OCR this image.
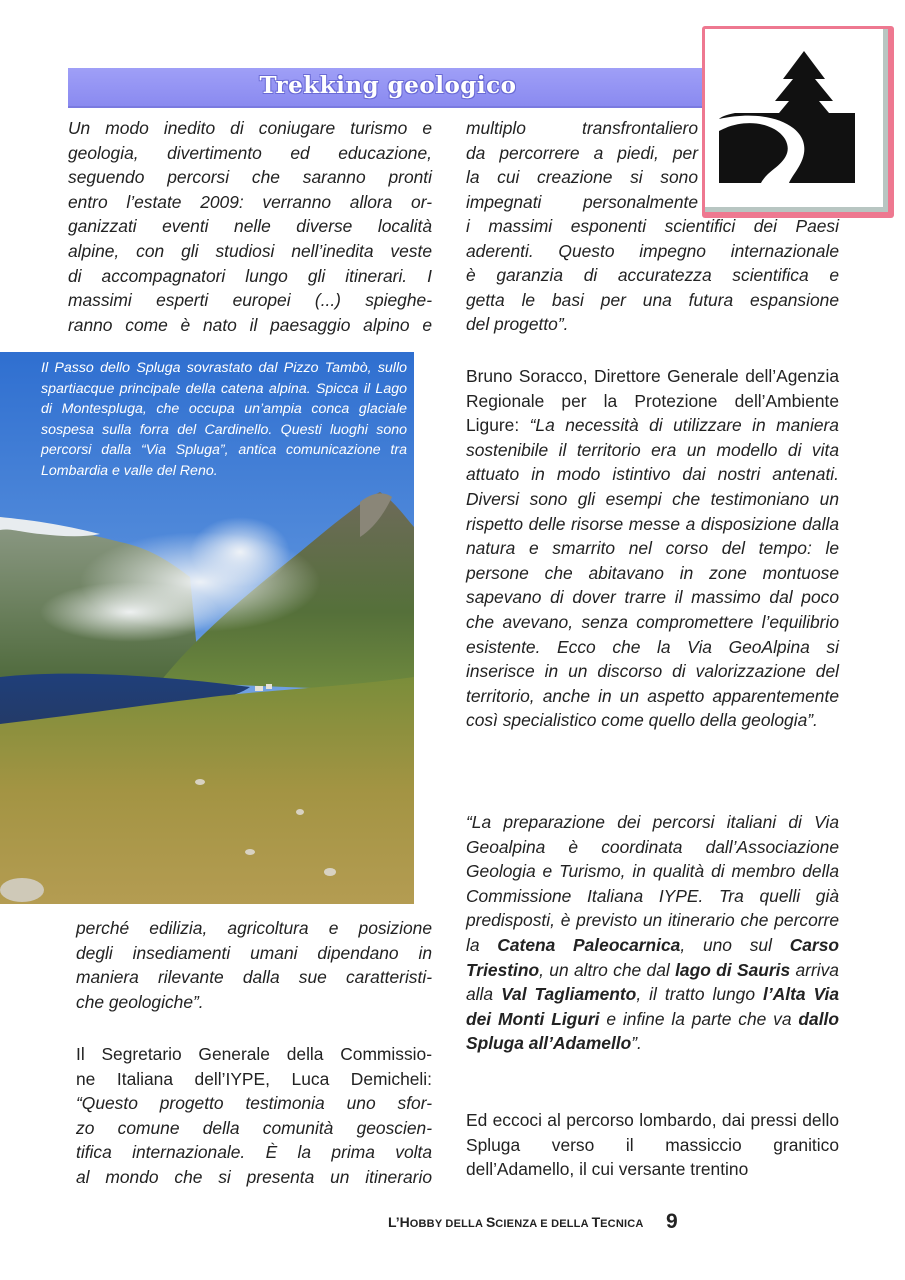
Trekking geologico
Un modo inedito di coniugare turismo e
geologia, divertimento ed educazione,
seguendo percorsi che saranno pronti
entro l’estate 2009: verranno allora or-
ganizzati eventi nelle diverse località
alpine, con gli studiosi nell’inedita veste
di accompagnatori lungo gli itinerari. I
massimi esperti europei (...) spieghe-
ranno come è nato il paesaggio alpino e

Il Passo dello Spluga sovrastato dal Pizzo Tambò, sullo spartiacque principale della catena alpina. Spicca il Lago di Montespluga, che occupa un’ampia conca glaciale sospesa sulla forra del Cardinello. Questi luoghi sono percorsi dalla “Via Spluga”, antica comunicazione tra Lombardia e valle del Reno.

perché edilizia, agricoltura e posizione
degli insediamenti umani dipendano in
maniera rilevante dalla sue caratteristi-
che geologiche”.
Il Segretario Generale della Commissio-
ne Italiana dell’IYPE, Luca Demicheli:
“Questo progetto testimonia uno sfor-
zo comune della comunità geoscien-
tifica internazionale. È la prima volta
al mondo che si presenta un itinerario
multiplo transfrontaliero
da percorrere a piedi, per
la cui creazione si sono
impegnati personalmente
i massimi esponenti scientifici dei Paesi
aderenti. Questo impegno internazionale
è garanzia di accuratezza scientifica e
getta le basi per una futura espansione
del progetto”.
Bruno Soracco, Direttore Generale dell’Agenzia Regionale per la Protezione dell’Ambiente Ligure: “La necessità di utilizzare in maniera sostenibile il territorio era un modello di vita attuato in modo istintivo dai nostri antenati. Diversi sono gli esempi che testimoniano un rispetto delle risorse messe a disposizione dalla natura e smarrito nel corso del tempo: le persone che abitavano in zone montuose sapevano di dover trarre il massimo dal poco che avevano, senza compromettere l’equilibrio esistente. Ecco che la Via GeoAlpina si inserisce in un discorso di valorizzazione del territorio, anche in un aspetto apparentemente così specialistico come quello della geologia”.
“La preparazione dei percorsi italiani di Via Geoalpina è coordinata dall’Associazione Geologia e Turismo, in qualità di membro della Commissione Italiana IYPE. Tra quelli già predisposti, è previsto un itinerario che percorre la Catena Paleocarnica, uno sul Carso Triestino, un altro che dal lago di Sauris arriva alla Val Tagliamento, il tratto lungo l’Alta Via dei Monti Liguri e infine la parte che va dallo Spluga all’Adamello”.
Ed eccoci al percorso lombardo, dai pressi dello Spluga verso il massiccio granitico dell’Adamello, il cui versante trentino
L’HOBBY DELLA SCIENZA E DELLA TECNICA 9
